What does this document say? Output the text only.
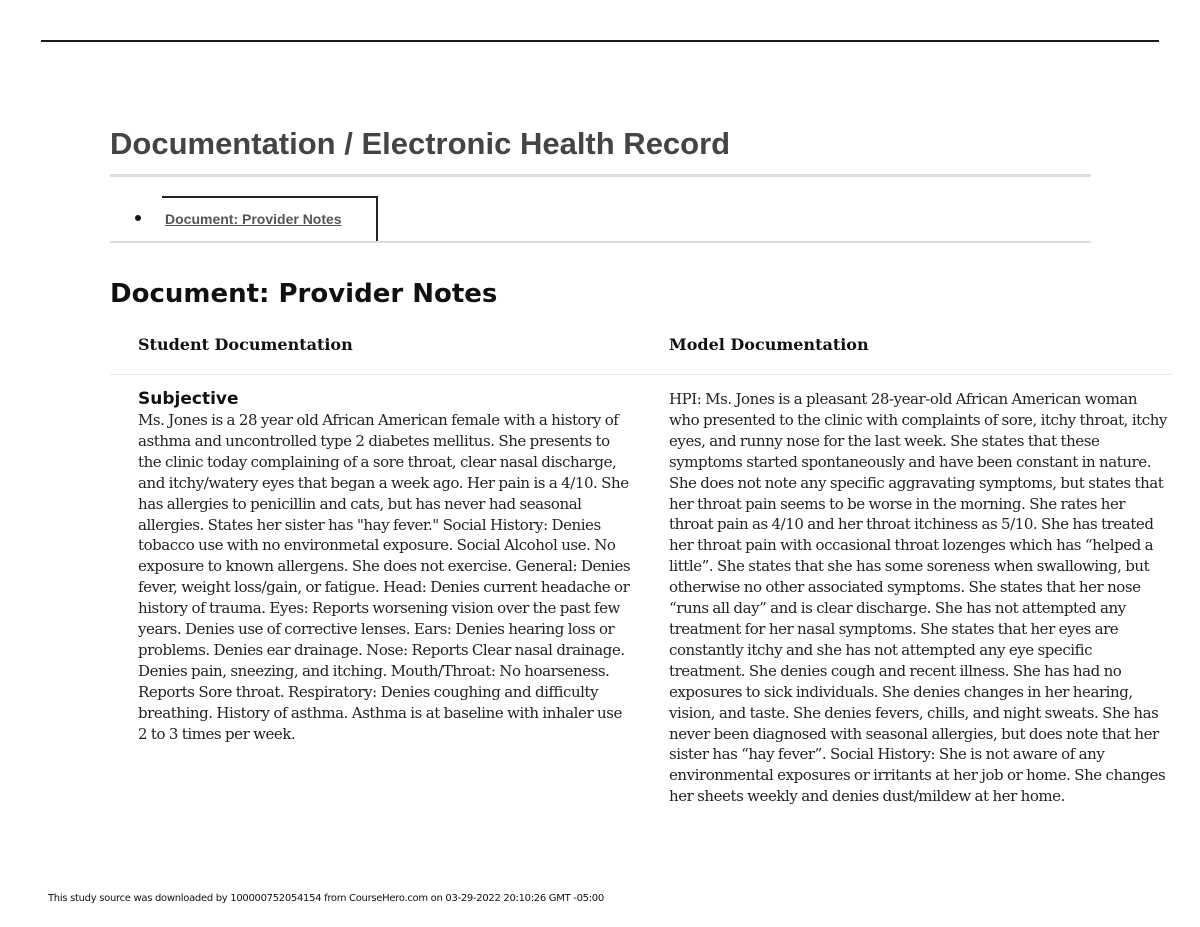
Documentation / Electronic Health Record
Document: Provider Notes
Document: Provider Notes
Student Documentation	Model Documentation
Subjective
Ms. Jones is a 28 year old African American female with a history of asthma and uncontrolled type 2 diabetes mellitus. She presents to the clinic today complaining of a sore throat, clear nasal discharge, and itchy/watery eyes that began a week ago. Her pain is a 4/10. She has allergies to penicillin and cats, but has never had seasonal allergies. States her sister has "hay fever." Social History: Denies tobacco use with no environmetal exposure. Social Alcohol use. No exposure to known allergens. She does not exercise. General: Denies fever, weight loss/gain, or fatigue. Head: Denies current headache or history of trauma. Eyes: Reports worsening vision over the past few years. Denies use of corrective lenses. Ears: Denies hearing loss or problems. Denies ear drainage. Nose: Reports Clear nasal drainage. Denies pain, sneezing, and itching. Mouth/Throat: No hoarseness. Reports Sore throat. Respiratory: Denies coughing and difficulty breathing. History of asthma. Asthma is at baseline with inhaler use 2 to 3 times per week.
HPI: Ms. Jones is a pleasant 28-year-old African American woman who presented to the clinic with complaints of sore, itchy throat, itchy eyes, and runny nose for the last week. She states that these symptoms started spontaneously and have been constant in nature. She does not note any specific aggravating symptoms, but states that her throat pain seems to be worse in the morning. She rates her throat pain as 4/10 and her throat itchiness as 5/10. She has treated her throat pain with occasional throat lozenges which has “helped a little”. She states that she has some soreness when swallowing, but otherwise no other associated symptoms. She states that her nose “runs all day” and is clear discharge. She has not attempted any treatment for her nasal symptoms. She states that her eyes are constantly itchy and she has not attempted any eye specific treatment. She denies cough and recent illness. She has had no exposures to sick individuals. She denies changes in her hearing, vision, and taste. She denies fevers, chills, and night sweats. She has never been diagnosed with seasonal allergies, but does note that her sister has “hay fever”. Social History: She is not aware of any environmental exposures or irritants at her job or home. She changes her sheets weekly and denies dust/mildew at her home.
This study source was downloaded by 100000752054154 from CourseHero.com on 03-29-2022 20:10:26 GMT -05:00
